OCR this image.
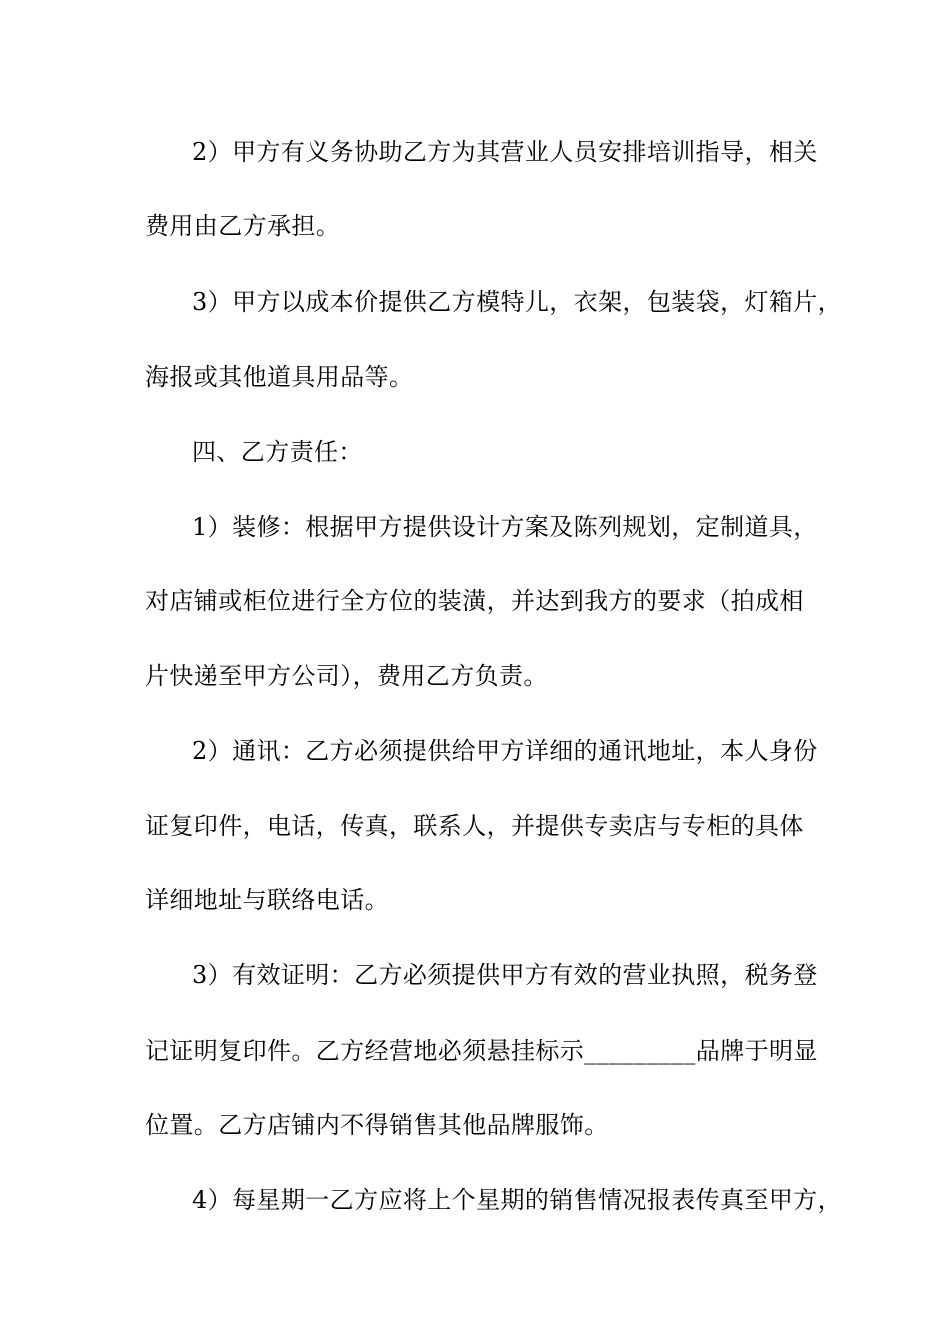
2）甲方有义务协助乙方为其营业人员安排培训指导，相关
费用由乙方承担。
3）甲方以成本价提供乙方模特儿，衣架，包装袋，灯箱片，
海报或其他道具用品等。
四、乙方责任：
1）装修：根据甲方提供设计方案及陈列规划，定制道具，
对店铺或柜位进行全方位的装潢，并达到我方的要求（拍成相
片快递至甲方公司），费用乙方负责。
2）通讯：乙方必须提供给甲方详细的通讯地址，本人身份
证复印件，电话，传真，联系人，并提供专卖店与专柜的具体
详细地址与联络电话。
3）有效证明：乙方必须提供甲方有效的营业执照，税务登
记证明复印件。乙方经营地必须悬挂标示_________品牌于明显
位置。乙方店铺内不得销售其他品牌服饰。
4）每星期一乙方应将上个星期的销售情况报表传真至甲方，
